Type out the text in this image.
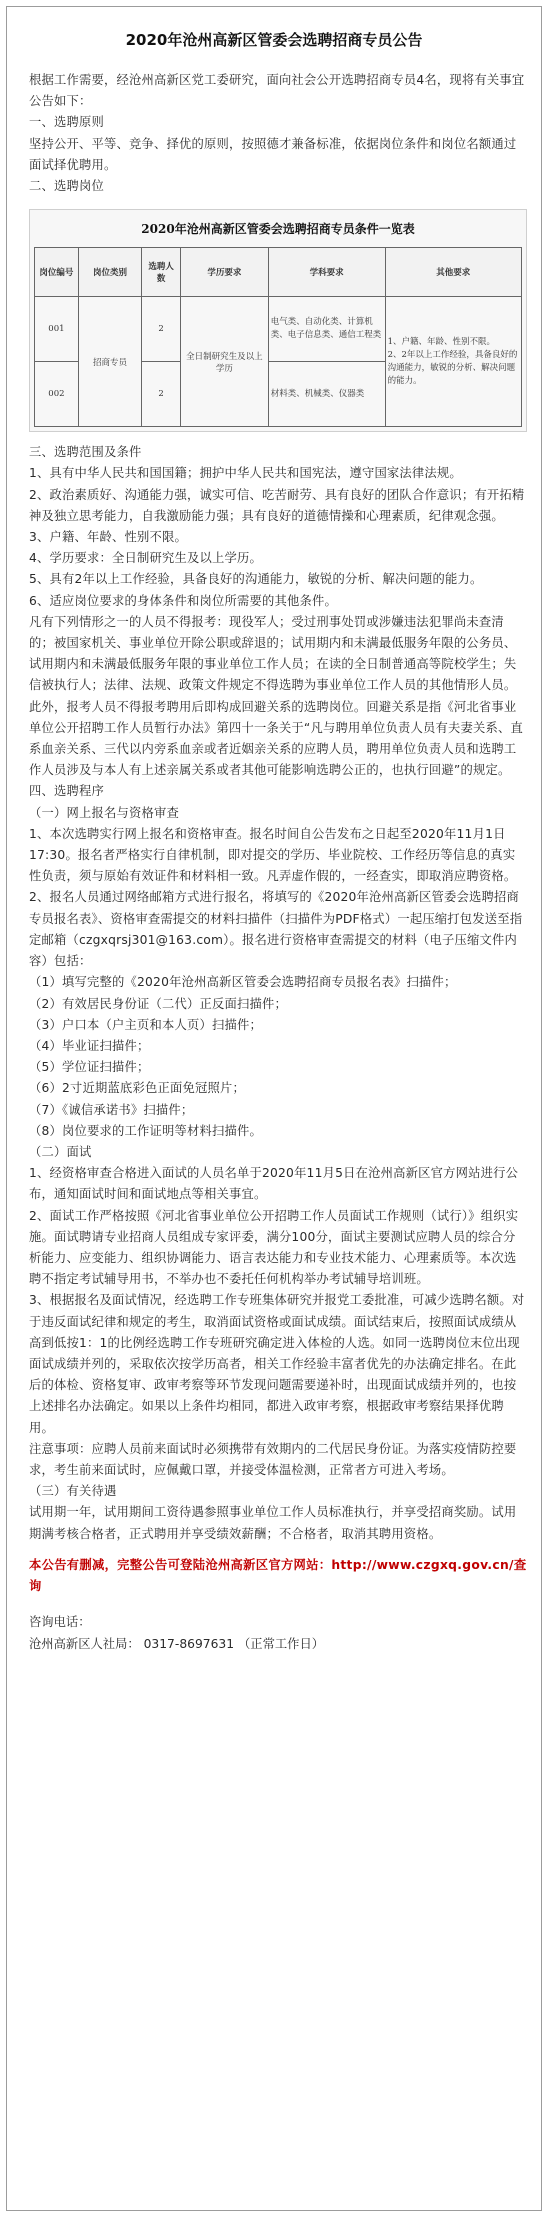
2020年沧州高新区管委会选聘招商专员公告

根据工作需要，经沧州高新区党工委研究，面向社会公开选聘招商专员4名，现将有关事宜公告如下：

一、选聘原则

坚持公开、平等、竞争、择优的原则，按照德才兼备标准，依据岗位条件和岗位名额通过面试择优聘用。

二、选聘岗位

2020年沧州高新区管委会选聘招商专员条件一览表
岗位编号	岗位类别	选聘人数	学历要求	学科要求	其他要求
001	招商专员	2	全日制研究生及以上学历	电气类、自动化类、计算机类、电子信息类、通信工程类	1、户籍、年龄、性别不限。
2、2年以上工作经验，具备良好的沟通能力，敏锐的分析、解决问题的能力。
002		2		材料类、机械类、仪器类	

三、选聘范围及条件

1、具有中华人民共和国国籍；拥护中华人民共和国宪法，遵守国家法律法规。

2、政治素质好、沟通能力强，诚实可信、吃苦耐劳、具有良好的团队合作意识；有开拓精神及独立思考能力，自我激励能力强；具有良好的道德情操和心理素质，纪律观念强。

3、户籍、年龄、性别不限。

4、学历要求：全日制研究生及以上学历。

5、具有2年以上工作经验，具备良好的沟通能力，敏锐的分析、解决问题的能力。

6、适应岗位要求的身体条件和岗位所需要的其他条件。

凡有下列情形之一的人员不得报考：现役军人；受过刑事处罚或涉嫌违法犯罪尚未查清的；被国家机关、事业单位开除公职或辞退的；试用期内和未满最低服务年限的公务员、试用期内和未满最低服务年限的事业单位工作人员；在读的全日制普通高等院校学生；失信被执行人；法律、法规、政策文件规定不得选聘为事业单位工作人员的其他情形人员。

此外，报考人员不得报考聘用后即构成回避关系的选聘岗位。回避关系是指《河北省事业单位公开招聘工作人员暂行办法》第四十一条关于“凡与聘用单位负责人员有夫妻关系、直系血亲关系、三代以内旁系血亲或者近姻亲关系的应聘人员，聘用单位负责人员和选聘工作人员涉及与本人有上述亲属关系或者其他可能影响选聘公正的，也执行回避”的规定。

四、选聘程序

（一）网上报名与资格审查

1、本次选聘实行网上报名和资格审查。报名时间自公告发布之日起至2020年11月1日17:30。报名者严格实行自律机制，即对提交的学历、毕业院校、工作经历等信息的真实性负责，须与原始有效证件和材料相一致。凡弄虚作假的，一经查实，即取消应聘资格。

2、报名人员通过网络邮箱方式进行报名，将填写的《2020年沧州高新区管委会选聘招商专员报名表》、资格审查需提交的材料扫描件（扫描件为PDF格式）一起压缩打包发送至指定邮箱（czgxqrsj301@163.com）。报名进行资格审查需提交的材料（电子压缩文件内容）包括：

（1）填写完整的《2020年沧州高新区管委会选聘招商专员报名表》扫描件；

（2）有效居民身份证（二代）正反面扫描件；

（3）户口本（户主页和本人页）扫描件；

（4）毕业证扫描件；

（5）学位证扫描件；

（6）2寸近期蓝底彩色正面免冠照片；

（7）《诚信承诺书》扫描件；

（8）岗位要求的工作证明等材料扫描件。

（二）面试

1、经资格审查合格进入面试的人员名单于2020年11月5日在沧州高新区官方网站进行公布，通知面试时间和面试地点等相关事宜。

2、面试工作严格按照《河北省事业单位公开招聘工作人员面试工作规则（试行）》组织实施。面试聘请专业招商人员组成专家评委，满分100分，面试主要测试应聘人员的综合分析能力、应变能力、组织协调能力、语言表达能力和专业技术能力、心理素质等。本次选聘不指定考试辅导用书，不举办也不委托任何机构举办考试辅导培训班。

3、根据报名及面试情况，经选聘工作专班集体研究并报党工委批准，可减少选聘名额。对于违反面试纪律和规定的考生，取消面试资格或面试成绩。面试结束后，按照面试成绩从高到低按1：1的比例经选聘工作专班研究确定进入体检的人选。如同一选聘岗位末位出现面试成绩并列的，采取依次按学历高者，相关工作经验丰富者优先的办法确定排名。在此后的体检、资格复审、政审考察等环节发现问题需要递补时，出现面试成绩并列的，也按上述排名办法确定。如果以上条件均相同，都进入政审考察，根据政审考察结果择优聘用。

注意事项：应聘人员前来面试时必须携带有效期内的二代居民身份证。为落实疫情防控要求，考生前来面试时，应佩戴口罩，并接受体温检测，正常者方可进入考场。

（三）有关待遇

试用期一年，试用期间工资待遇参照事业单位工作人员标准执行，并享受招商奖励。试用期满考核合格者，正式聘用并享受绩效薪酬；不合格者，取消其聘用资格。

本公告有删减，完整公告可登陆沧州高新区官方网站：http://www.czgxq.gov.cn/查询

咨询电话：
沧州高新区人社局： 0317-8697631 （正常工作日）
